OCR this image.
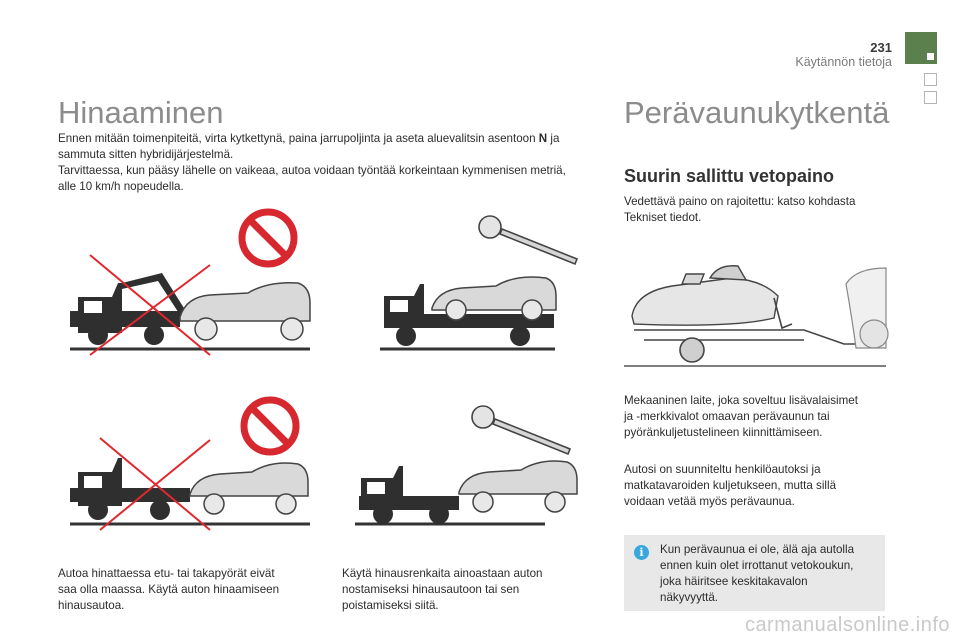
231
Käytännön tietoja
Hinaaminen
Ennen mitään toimenpiteitä, virta kytkettynä, paina jarrupoljinta ja aseta aluevalitsin asentoon N ja
sammuta sitten hybridijärjestelmä.
Tarvittaessa, kun pääsy lähelle on vaikeaa, autoa voidaan työntää korkeintaan kymmenisen metriä,
alle 10 km/h nopeudella.
Autoa hinattaessa etu- tai takapyörät eivät
saa olla maassa. Käytä auton hinaamiseen
hinausautoa.
Käytä hinausrenkaita ainoastaan auton
nostamiseksi hinausautoon tai sen
poistamiseksi siitä.
Perävaunukytkentä
Suurin sallittu vetopaino
Vedettävä paino on rajoitettu: katso kohdasta
Tekniset tiedot.
Mekaaninen laite, joka soveltuu lisävalaisimet
ja -merkkivalot omaavan perävaunun tai
pyöränkuljetustelineen kiinnittämiseen.
Autosi on suunniteltu henkilöautoksi ja
matkatavaroiden kuljetukseen, mutta sillä
voidaan vetää myös perävaunua.
i	Kun perävaunua ei ole, älä aja autolla
ennen kuin olet irrottanut vetokoukun,
joka häiritsee keskitakavalon
näkyvyyttä.
carmanualsonline.info
